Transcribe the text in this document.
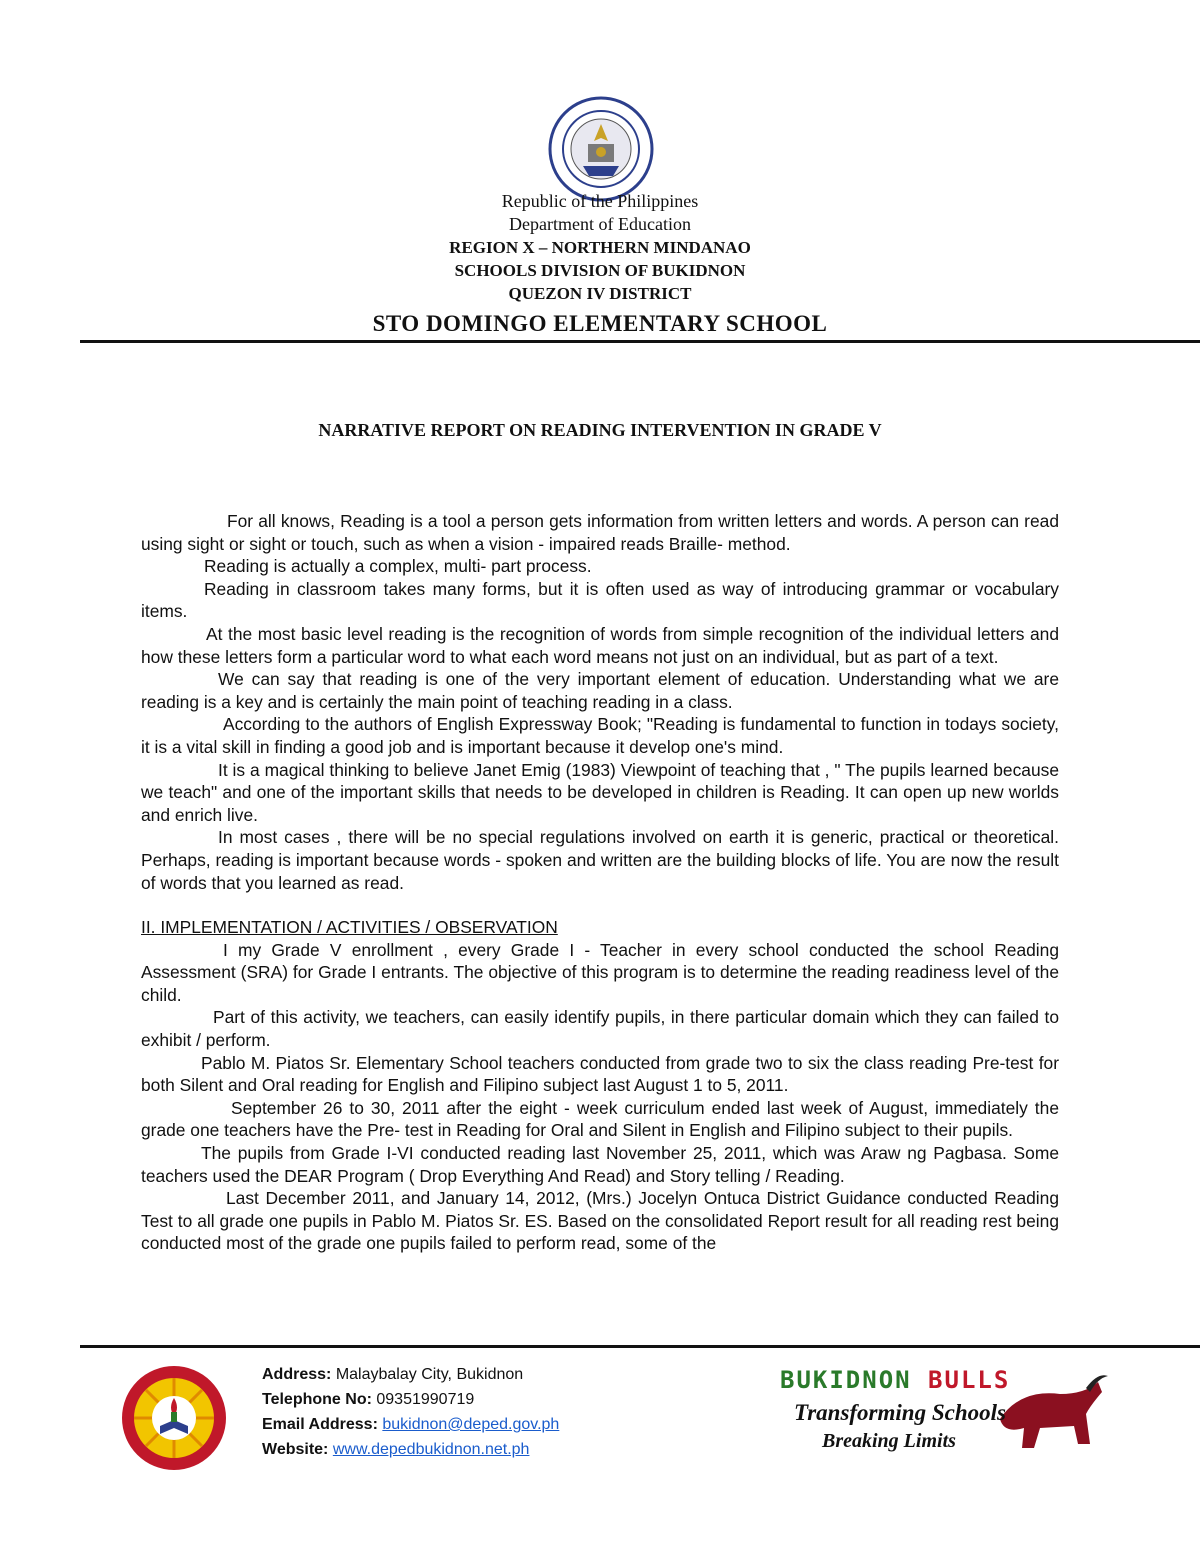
Republic of the Philippines
Department of Education
REGION X – NORTHERN MINDANAO
SCHOOLS DIVISION OF BUKIDNON
QUEZON IV DISTRICT
STO DOMINGO ELEMENTARY SCHOOL
NARRATIVE REPORT ON READING INTERVENTION IN GRADE V

For all knows, Reading is a tool a person gets information from written letters and words. A person can read using sight or sight or touch, such as when a vision - impaired reads Braille- method.

Reading is actually a complex, multi- part process.

Reading in classroom takes many forms, but it is often used as way of introducing grammar or vocabulary items.

At the most basic level reading is the recognition of words from simple recognition of the individual letters and how these letters form a particular word to what each word means not just on an individual, but as part of a text.

We can say that reading is one of the very important element of education. Understanding what we are reading is a key and is certainly the main point of teaching reading in a class.

According to the authors of English Expressway Book; "Reading is fundamental to function in todays society, it is a vital skill in finding a good job and is important because it develop one's mind.

It is a magical thinking to believe Janet Emig (1983) Viewpoint of teaching that , " The pupils learned because we teach" and one of the important skills that needs to be developed in children is Reading. It can open up new worlds and enrich live.

In most cases , there will be no special regulations involved on earth it is generic, practical or theoretical. Perhaps, reading is important because words - spoken and written are the building blocks of life. You are now the result of words that you learned as read.

II. IMPLEMENTATION / ACTIVITIES / OBSERVATION

I my Grade V enrollment , every Grade I - Teacher in every school conducted the school Reading Assessment (SRA) for Grade I entrants. The objective of this program is to determine the reading readiness level of the child.

Part of this activity, we teachers, can easily identify pupils, in there particular domain which they can failed to exhibit / perform.

Pablo M. Piatos Sr. Elementary School teachers conducted from grade two to six the class reading Pre-test for both Silent and Oral reading for English and Filipino subject last August 1 to 5, 2011.

September 26 to 30, 2011 after the eight - week curriculum ended last week of August, immediately the grade one teachers have the Pre- test in Reading for Oral and Silent in English and Filipino subject to their pupils.

The pupils from Grade I-VI conducted reading last November 25, 2011, which was Araw ng Pagbasa. Some teachers used the DEAR Program ( Drop Everything And Read) and Story telling / Reading.

Last December 2011, and January 14, 2012, (Mrs.) Jocelyn Ontuca District Guidance conducted Reading Test to all grade one pupils in Pablo M. Piatos Sr. ES. Based on the consolidated Report result for all reading rest being conducted most of the grade one pupils failed to perform read, some of the

Address: Malaybalay City, Bukidnon
Telephone No: 09351990719
Email Address: bukidnon@deped.gov.ph
Website: www.depedbukidnon.net.ph
BUKIDNON BULLS
Transforming Schools
Breaking Limits
